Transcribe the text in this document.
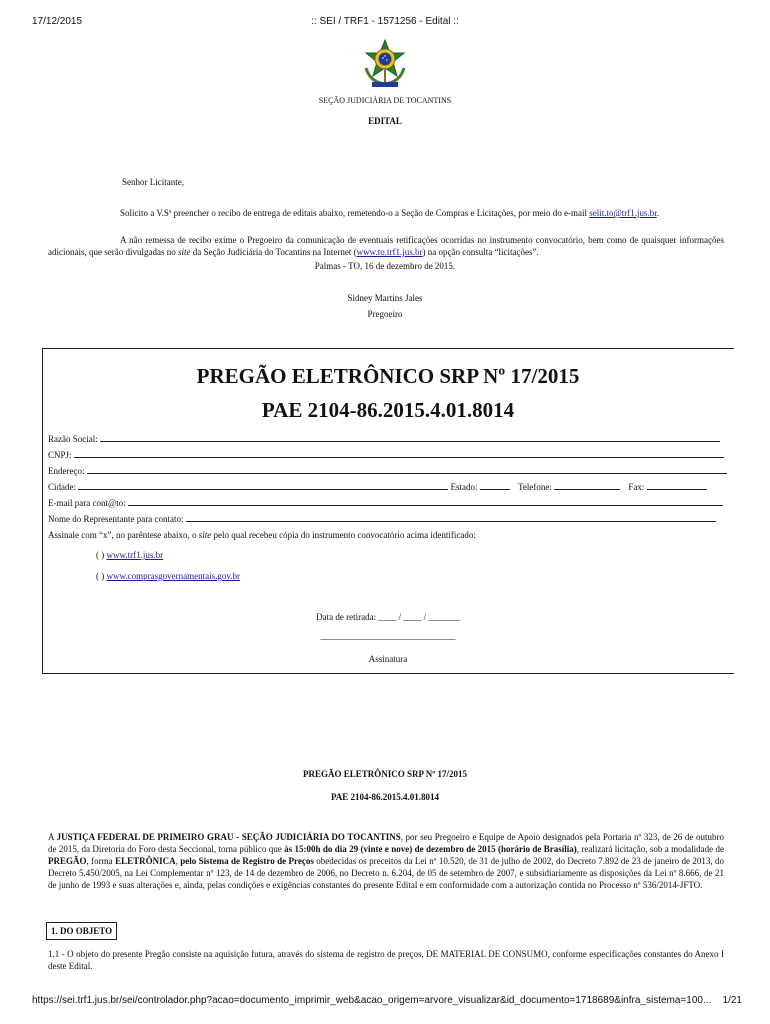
17/12/2015	:: SEI / TRF1 - 1571256 - Edital ::
SEÇÃO JUDICIÁRIA DE TOCANTINS
EDITAL
Senhor Licitante,
Solicito a V.Sª preencher o recibo de entrega de editais abaixo, remetendo-o a Seção de Compras e Licitações, por meio do e-mail selit.to@trf1.jus.br.
A não remessa de recibo exime o Pregoeiro da comunicação de eventuais retificações ocorridas no instrumento convocatório, bem como de quaisquer informações adicionais, que serão divulgadas no site da Seção Judiciária do Tocantins na Internet (www.to.trf1.jus.br) na opção consulta “licitações”.
Palmas - TO, 16 de dezembro de 2015.
Sidney Martins Jales
Pregoeiro
PREGÃO ELETRÔNICO SRP Nº 17/2015
PAE 2104-86.2015.4.01.8014
Razão Social:
CNPJ:
Endereço:
Cidade:	Estado:	Telefone:	Fax:
E-mail para cont@to:
Nome do Representante para contato:
Assinale com “x”, no parêntese abaixo, o site pelo qual recebeu cópia do instrumento convocatório acima identificado:
( ) www.trf1.jus.br
( ) www.comprasgovernamentais.gov.br
Data de retirada: ____ / ____ / _______
______________________________
Assinatura
PREGÃO ELETRÔNICO SRP Nº 17/2015
PAE 2104-86.2015.4.01.8014
A JUSTIÇA FEDERAL DE PRIMEIRO GRAU - SEÇÃO JUDICIÁRIA DO TOCANTINS, por seu Pregoeiro e Equipe de Apoio designados pela Portaria nº 323, de 26 de outubro de 2015, da Diretoria do Foro desta Seccional, torna público que às 15:00h do dia 29 (vinte e nove) de dezembro de 2015 (horário de Brasília), realizará licitação, sob a modalidade de PREGÃO, forma ELETRÔNICA, pelo Sistema de Registro de Preços obedecidas os preceitos da Lei nº 10.520, de 31 de julho de 2002, do Decreto 7.892 de 23 de janeiro de 2013, do Decreto 5.450/2005, na Lei Complementar nº 123, de 14 de dezembro de 2006, no Decreto n. 6.204, de 05 de setembro de 2007, e subsidiariamente as disposições da Lei nº 8.666, de 21 de junho de 1993 e suas alterações e, ainda, pelas condições e exigências constantes do presente Edital e em conformidade com a autorização contida no Processo nº 536/2014-JFTO.
1. DO OBJETO
1.1 - O objeto do presente Pregão consiste na aquisição futura, através do sistema de registro de preços, DE MATERIAL DE CONSUMO, conforme especificações constantes do Anexo I deste Edital.
https://sei.trf1.jus.br/sei/controlador.php?acao=documento_imprimir_web&acao_origem=arvore_visualizar&id_documento=1718689&infra_sistema=100... 1/21
